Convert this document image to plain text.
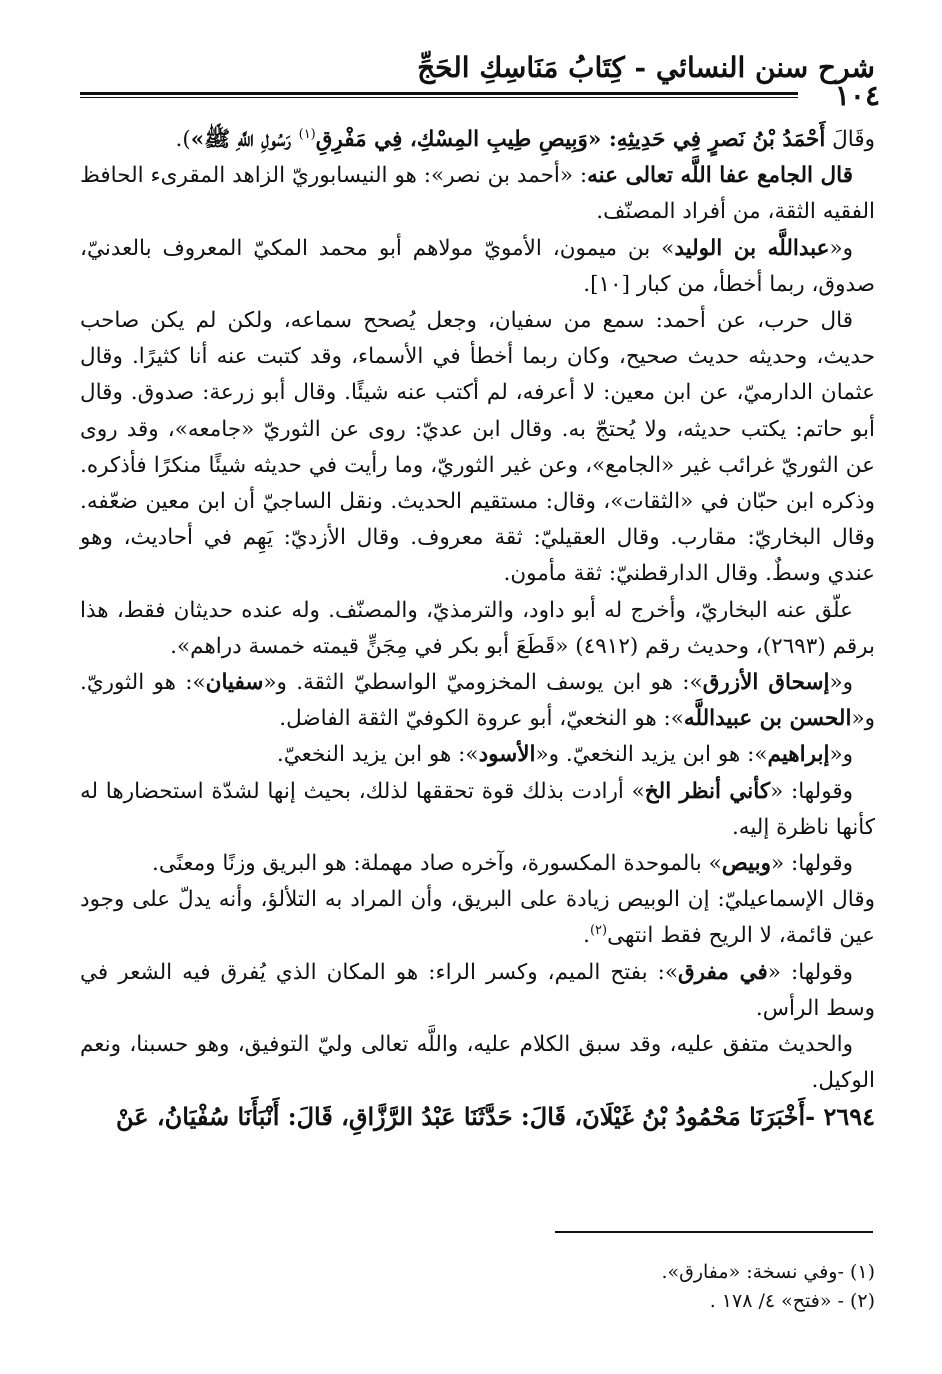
شرح سنن النسائي - كِتَابُ مَنَاسِكِ الحَجِّ
١٠٤

وقَالَ أَحْمَدُ بْنُ نَصرٍ فِي حَدِيثِهِ: «وَبِيصِ طِيبِ المِسْكِ، فِي مَفْرِقِ$^{(١)}$ رَسُولِ اللَّهِ ﷺ»).

قال الجامع عفا اللَّه تعالى عنه: «أحمد بن نصر»: هو النيسابوريّ الزاهد المقرىء الحافظ الفقيه الثقة، من أفراد المصنّف.

و«عبداللَّه بن الوليد» بن ميمون، الأمويّ مولاهم أبو محمد المكيّ المعروف بالعدنيّ، صدوق، ربما أخطأ، من كبار [١٠].

قال حرب، عن أحمد: سمع من سفيان، وجعل يُصحح سماعه، ولكن لم يكن صاحب حديث، وحديثه حديث صحيح، وكان ربما أخطأ في الأسماء، وقد كتبت عنه أنا كثيرًا. وقال عثمان الدارميّ، عن ابن معين: لا أعرفه، لم أكتب عنه شيئًا. وقال أبو زرعة: صدوق. وقال أبو حاتم: يكتب حديثه، ولا يُحتجّ به. وقال ابن عديّ: روى عن الثوريّ «جامعه»، وقد روى عن الثوريّ غرائب غير «الجامع»، وعن غير الثوريّ، وما رأيت في حديثه شيئًا منكرًا فأذكره. وذكره ابن حبّان في «الثقات»، وقال: مستقيم الحديث. ونقل الساجيّ أن ابن معين ضعّفه. وقال البخاريّ: مقارب. وقال العقيليّ: ثقة معروف. وقال الأزديّ: يَهِم في أحاديث، وهو عندي وسطٌ. وقال الدارقطنيّ: ثقة مأمون.

علّق عنه البخاريّ، وأخرج له أبو داود، والترمذيّ، والمصنّف. وله عنده حديثان فقط، هذا برقم (٢٦٩٣)، وحديث رقم (٤٩١٢) «قَطَعَ أبو بكر في مِجَنٍّ قيمته خمسة دراهم».

و«إسحاق الأزرق»: هو ابن يوسف المخزوميّ الواسطيّ الثقة. و«سفيان»: هو الثوريّ. و«الحسن بن عبيداللَّه»: هو النخعيّ، أبو عروة الكوفيّ الثقة الفاضل.

و«إبراهيم»: هو ابن يزيد النخعيّ. و«الأسود»: هو ابن يزيد النخعيّ.

وقولها: «كأني أنظر الخ» أرادت بذلك قوة تحققها لذلك، بحيث إنها لشدّة استحضارها له كأنها ناظرة إليه.

وقولها: «وبيص» بالموحدة المكسورة، وآخره صاد مهملة: هو البريق وزنًا ومعنًى.

وقال الإسماعيليّ: إن الوبيص زيادة على البريق، وأن المراد به التلألؤ، وأنه يدلّ على وجود عين قائمة، لا الريح فقط انتهى$^{(٢)}$.

وقولها: «في مفرق»: بفتح الميم، وكسر الراء: هو المكان الذي يُفرق فيه الشعر في وسط الرأس.

والحديث متفق عليه، وقد سبق الكلام عليه، واللَّه تعالى وليّ التوفيق، وهو حسبنا، ونعم الوكيل.

٢٦٩٤ -أَخْبَرَنَا مَحْمُودُ بْنُ غَيْلَانَ، قَالَ: حَدَّثَنَا عَبْدُ الرَّزَّاقِ، قَالَ: أَنْبَأَنَا سُفْيَانُ، عَنْ

(١) -وفي نسخة: «مفارق».

(٢) - «فتح» ٤/ ١٧٨ .
